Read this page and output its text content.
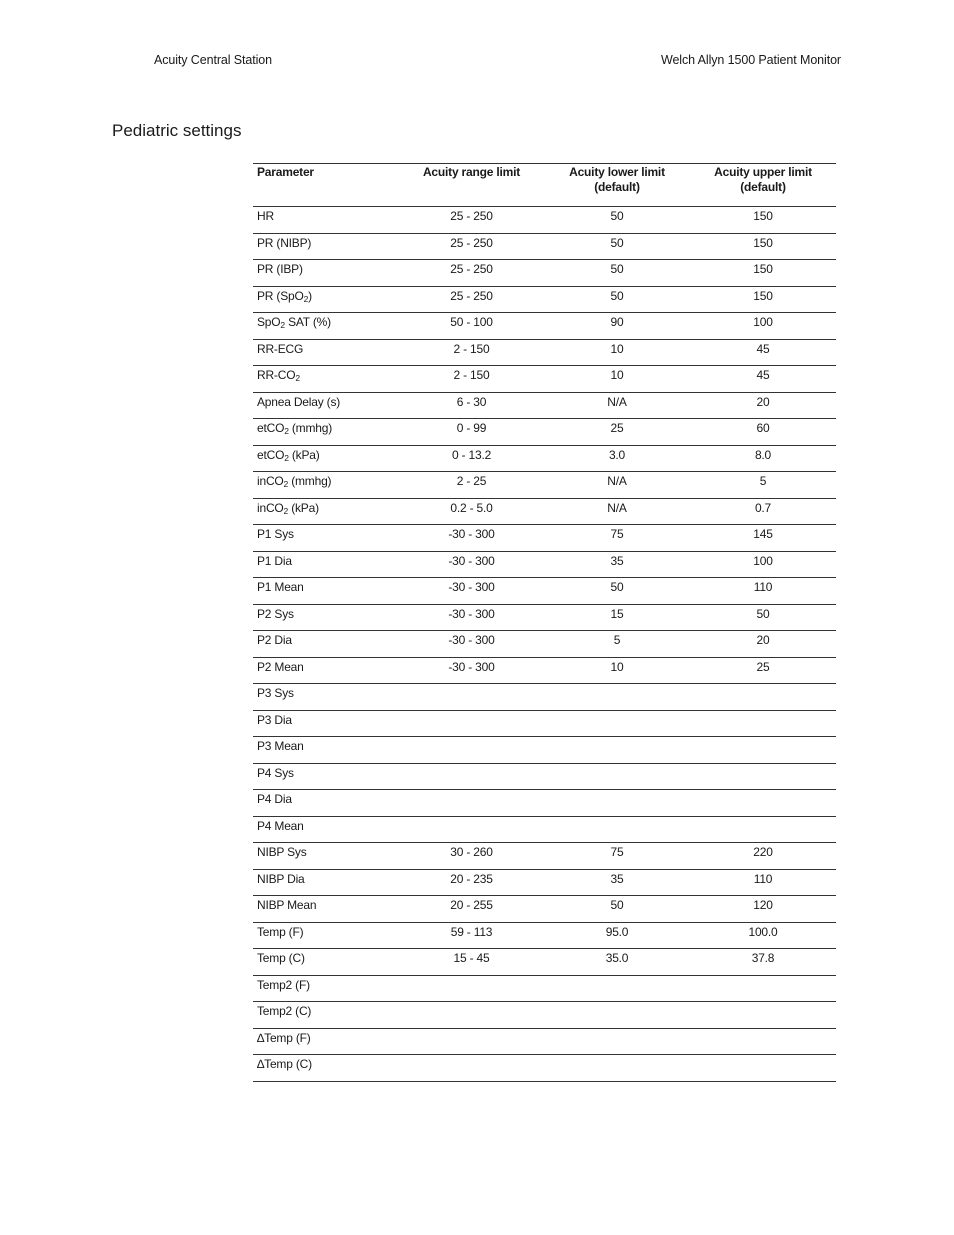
Acuity Central Station	Welch Allyn 1500 Patient Monitor
Pediatric settings
Parameter	Acuity range limit	Acuity lower limit (default)	Acuity upper limit (default)
HR	25 - 250	50	150
PR (NIBP)	25 - 250	50	150
PR (IBP)	25 - 250	50	150
PR (SpO$_2$)	25 - 250	50	150
SpO$_2$ SAT (%)	50 - 100	90	100
RR-ECG	2 - 150	10	45
$RR-CO_2$	2 - 150	10	45
Apnea Delay (s)	6 - 30	N/A	20
etCO$_2$ (mmhg)	0 - 99	25	60
etCO$_2$ (kPa)	0 - 13.2	3.0	8.0
inCO$_2$ (mmhg)	2 - 25	N/A	5
inCO$_2$ (kPa)	0.2 - 5.0	N/A	0.7
P1 Sys	-30 - 300	75	145
P1 Dia	-30 - 300	35	100
P1 Mean	-30 - 300	50	110
P2 Sys	-30 - 300	15	50
P2 Dia	-30 - 300	5	20
P2 Mean	-30 - 300	10	25
P3 Sys			
P3 Dia			
P3 Mean			
P4 Sys			
P4 Dia			
P4 Mean			
NIBP Sys	30 - 260	75	220
NIBP Dia	20 - 235	35	110
NIBP Mean	20 - 255	50	120
Temp (F)	59 - 113	95.0	100.0
Temp (C)	15 - 45	35.0	37.8
Temp2 (F)			
Temp2 (C)			
∆Temp (F)			
∆Temp (C)			
